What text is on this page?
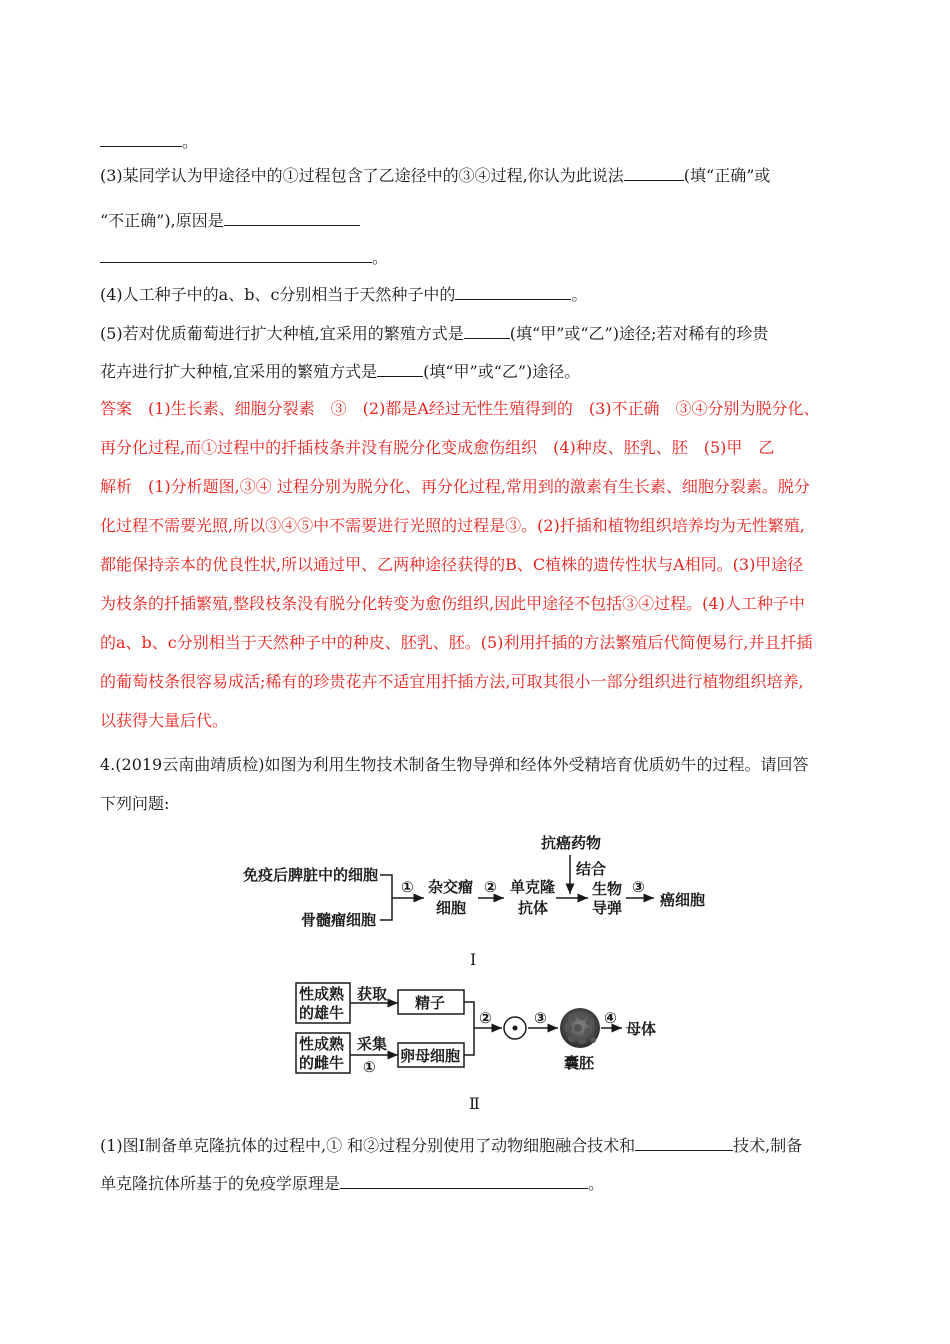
。
(3)某同学认为甲途径中的①过程包含了乙途径中的③④过程,你认为此说法	(填“正确”或
“不正确”),原因是
。
(4)人工种子中的a、b、c分别相当于天然种子中的	。
(5)若对优质葡萄进行扩大种植,宜采用的繁殖方式是	(填“甲”或“乙”)途径;若对稀有的珍贵
花卉进行扩大种植,宜采用的繁殖方式是	(填“甲”或“乙”)途径。
答案　(1)生长素、细胞分裂素　③　(2)都是A经过无性生殖得到的　(3)不正确　③④分别为脱分化、
再分化过程,而①过程中的扦插枝条并没有脱分化变成愈伤组织　(4)种皮、胚乳、胚　(5)甲　乙
解析　(1)分析题图,③④ 过程分别为脱分化、再分化过程,常用到的激素有生长素、细胞分裂素。脱分
化过程不需要光照,所以③④⑤中不需要进行光照的过程是③。(2)扦插和植物组织培养均为无性繁殖,
都能保持亲本的优良性状,所以通过甲、乙两种途径获得的B、C植株的遗传性状与A相同。(3)甲途径
为枝条的扦插繁殖,整段枝条没有脱分化转变为愈伤组织,因此甲途径不包括③④过程。(4)人工种子中
的a、b、c分别相当于天然种子中的种皮、胚乳、胚。(5)利用扦插的方法繁殖后代简便易行,并且扦插
的葡萄枝条很容易成活;稀有的珍贵花卉不适宜用扦插方法,可取其很小一部分组织进行植物组织培养,
以获得大量后代。
4.(2019云南曲靖质检)如图为利用生物技术制备生物导弹和经体外受精培育优质奶牛的过程。请回答
下列问题:
免疫后脾脏中的细胞
骨髓瘤细胞
① 杂交瘤
细胞
② 单克隆
抗体
抗癌药物
结合
生物
导弹
③
癌细胞
Ⅰ
性成熟
的雄牛
获取 精子
性成熟
的雌牛
采集
①
卵母细胞
②	③
囊胚
④
母体
Ⅱ
(1)图Ⅰ制备单克隆抗体的过程中,① 和②过程分别使用了动物细胞融合技术和	技术,制备
单克隆抗体所基于的免疫学原理是	。
